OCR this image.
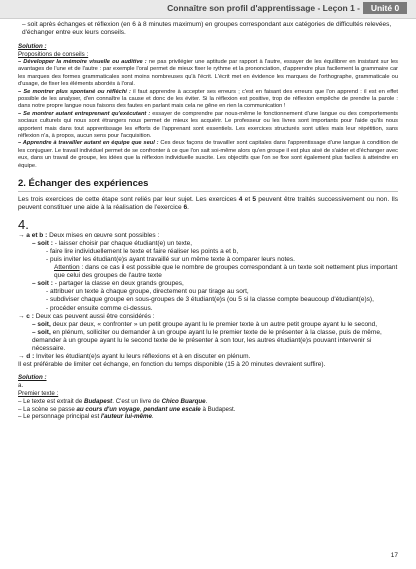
Connaître son profil d'apprentissage - Leçon 1 -	Unité 0

– soit après échanges et réflexion (en 6 à 8 minutes maximum) en groupes correspondant aux catégories de difficultés relevées, d'échanger entre eux leurs conseils.

Solution :

Propositions de conseils :

– Développer la mémoire visuelle ou auditive : ne pas privilégier une aptitude par rapport à l'autre, essayer de les équilibrer en insistant sur les avantages de l'une et de l'autre : par exemple l'oral permet de mieux fixer le rythme et la prononciation, d'apprendre plus facilement la grammaire car les marques des formes grammaticales sont moins nombreuses qu'à l'écrit. L'écrit met en évidence les marques de l'orthographe, grammaticale ou d'usage, de fixer les éléments abordés à l'oral.

– Se montrer plus spontané ou réfléchi : il faut apprendre à accepter ses erreurs ; c'est en faisant des erreurs que l'on apprend : il est en effet possible de les analyser, d'en connaître la cause et donc de les éviter. Si la réflexion est positive, trop de réflexion empêche de prendre la parole : dans notre propre langue nous faisons des fautes en parlant mais cela ne gêne en rien la communication !

– Se montrer autant entreprenant qu'exécutant : essayer de comprendre par nous-même le fonctionnement d'une langue ou des comportements sociaux culturels qui nous sont étrangers nous permet de mieux les acquérir. Le professeur ou les livres sont importants pour l'aide qu'ils nous apportent mais dans tout apprentissage les efforts de l'apprenant sont essentiels. Les exercices structurés sont utiles mais leur répétition, sans réflexion n'a, à propos, aucun sens pour l'acquisition.

– Apprendre à travailler autant en équipe que seul : Ces deux façons de travailler sont capitales dans l'apprentissage d'une langue à condition de les conjuguer. Le travail individuel permet de se confronter à ce que l'on sait soi-même alors qu'en groupe il est plus aisé de s'aider et d'échanger avec eux, dans un travail de groupe, les idées que la réflexion individuelle suscite. Les objectifs que l'on se fixe sont également plus faciles à atteindre en équipe.

2. Échanger des expériences

Les trois exercices de cette étape sont reliés par leur sujet. Les exercices 4 et 5 peuvent être traités successivement ou non. Ils peuvent constituer une aide à la réalisation de l'exercice 6.

4.

→ a et b : Deux mises en œuvre sont possibles :

– soit : - laisser choisir par chaque étudiant(e) un texte,

- faire lire individuellement le texte et faire réaliser les points a et b,

- puis inviter les étudiant(e)s ayant travaillé sur un même texte à comparer leurs notes.

Attention : dans ce cas il est possible que le nombre de groupes correspondant à un texte soit nettement plus important que celui des groupes de l'autre texte

– soit : - partager la classe en deux grands groupes,

- attribuer un texte à chaque groupe, directement ou par tirage au sort,

- subdiviser chaque groupe en sous-groupes de 3 étudiant(e)s (ou 5 si la classe compte beaucoup d'étudiant(e)s),

- procéder ensuite comme ci-dessus.

→ c : Deux cas peuvent aussi être considérés :

– soit, deux par deux, « confronter » un petit groupe ayant lu le premier texte à un autre petit groupe ayant lu le second,

– soit, en plénum, solliciter ou demander à un groupe ayant lu le premier texte de le présenter à la classe, puis de même, demander à un groupe ayant lu le second texte de le présenter à son tour, les autres étudiant(e)s pouvant intervenir si nécessaire.

→ d : Inviter les étudiant(e)s ayant lu leurs réflexions et à en discuter en plénum.

Il est préférable de limiter cet échange, en fonction du temps disponible (15 à 20 minutes devraient suffire).

Solution :

a.

Premier texte :

– Le texte est extrait de Budapest. C'est un livre de Chico Buarque.

– La scène se passe au cours d'un voyage, pendant une escale à Budapest.

– Le personnage principal est l'auteur lui-même.

17
